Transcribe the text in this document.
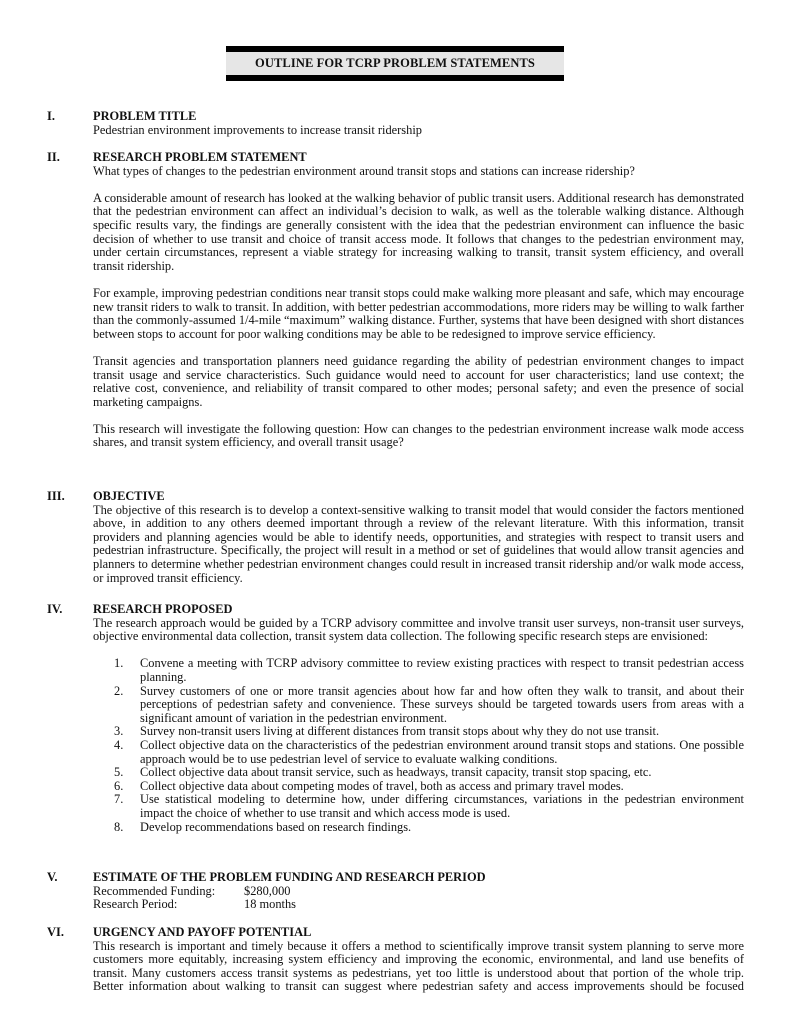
OUTLINE FOR TCRP PROBLEM STATEMENTS
I.	PROBLEM TITLE

Pedestrian environment improvements to increase transit ridership

II.	RESEARCH PROBLEM STATEMENT

What types of changes to the pedestrian environment around transit stops and stations can increase ridership?

A considerable amount of research has looked at the walking behavior of public transit users. Additional research has demonstrated that the pedestrian environment can affect an individual’s decision to walk, as well as the tolerable walking distance. Although specific results vary, the findings are generally consistent with the idea that the pedestrian environment can influence the basic decision of whether to use transit and choice of transit access mode. It follows that changes to the pedestrian environment may, under certain circumstances, represent a viable strategy for increasing walking to transit, transit system efficiency, and overall transit ridership.

For example, improving pedestrian conditions near transit stops could make walking more pleasant and safe, which may encourage new transit riders to walk to transit. In addition, with better pedestrian accommodations, more riders may be willing to walk farther than the commonly-assumed 1/4-mile “maximum” walking distance. Further, systems that have been designed with short distances between stops to account for poor walking conditions may be able to be redesigned to improve service efficiency.

Transit agencies and transportation planners need guidance regarding the ability of pedestrian environment changes to impact transit usage and service characteristics. Such guidance would need to account for user characteristics; land use context; the relative cost, convenience, and reliability of transit compared to other modes; personal safety; and even the presence of social marketing campaigns.

This research will investigate the following question: How can changes to the pedestrian environment increase walk mode access shares, and transit system efficiency, and overall transit usage?

III. OBJECTIVE

The objective of this research is to develop a context-sensitive walking to transit model that would consider the factors mentioned above, in addition to any others deemed important through a review of the relevant literature. With this information, transit providers and planning agencies would be able to identify needs, opportunities, and strategies with respect to transit users and pedestrian infrastructure. Specifically, the project will result in a method or set of guidelines that would allow transit agencies and planners to determine whether pedestrian environment changes could result in increased transit ridership and/or walk mode access, or improved transit efficiency.

IV. RESEARCH PROPOSED

The research approach would be guided by a TCRP advisory committee and involve transit user surveys, non-transit user surveys, objective environmental data collection, transit system data collection. The following specific research steps are envisioned:

1. Convene a meeting with TCRP advisory committee to review existing practices with respect to transit pedestrian access planning.
2. Survey customers of one or more transit agencies about how far and how often they walk to transit, and about their perceptions of pedestrian safety and convenience. These surveys should be targeted towards users from areas with a significant amount of variation in the pedestrian environment.
3. Survey non-transit users living at different distances from transit stops about why they do not use transit.
4. Collect objective data on the characteristics of the pedestrian environment around transit stops and stations. One possible approach would be to use pedestrian level of service to evaluate walking conditions.
5. Collect objective data about transit service, such as headways, transit capacity, transit stop spacing, etc.
6. Collect objective data about competing modes of travel, both as access and primary travel modes.
7. Use statistical modeling to determine how, under differing circumstances, variations in the pedestrian environment impact the choice of whether to use transit and which access mode is used.
8. Develop recommendations based on research findings.
V.	ESTIMATE OF THE PROBLEM FUNDING AND RESEARCH PERIOD
Recommended Funding:	$280,000
Research Period:	18 months
VI. URGENCY AND PAYOFF POTENTIAL

This research is important and timely because it offers a method to scientifically improve transit system planning to serve more customers more equitably, increasing system efficiency and improving the economic, environmental, and land use benefits of transit. Many customers access transit systems as pedestrians, yet too little is understood about that portion of the whole trip. Better information about walking to transit can suggest where pedestrian safety and access improvements should be focused
